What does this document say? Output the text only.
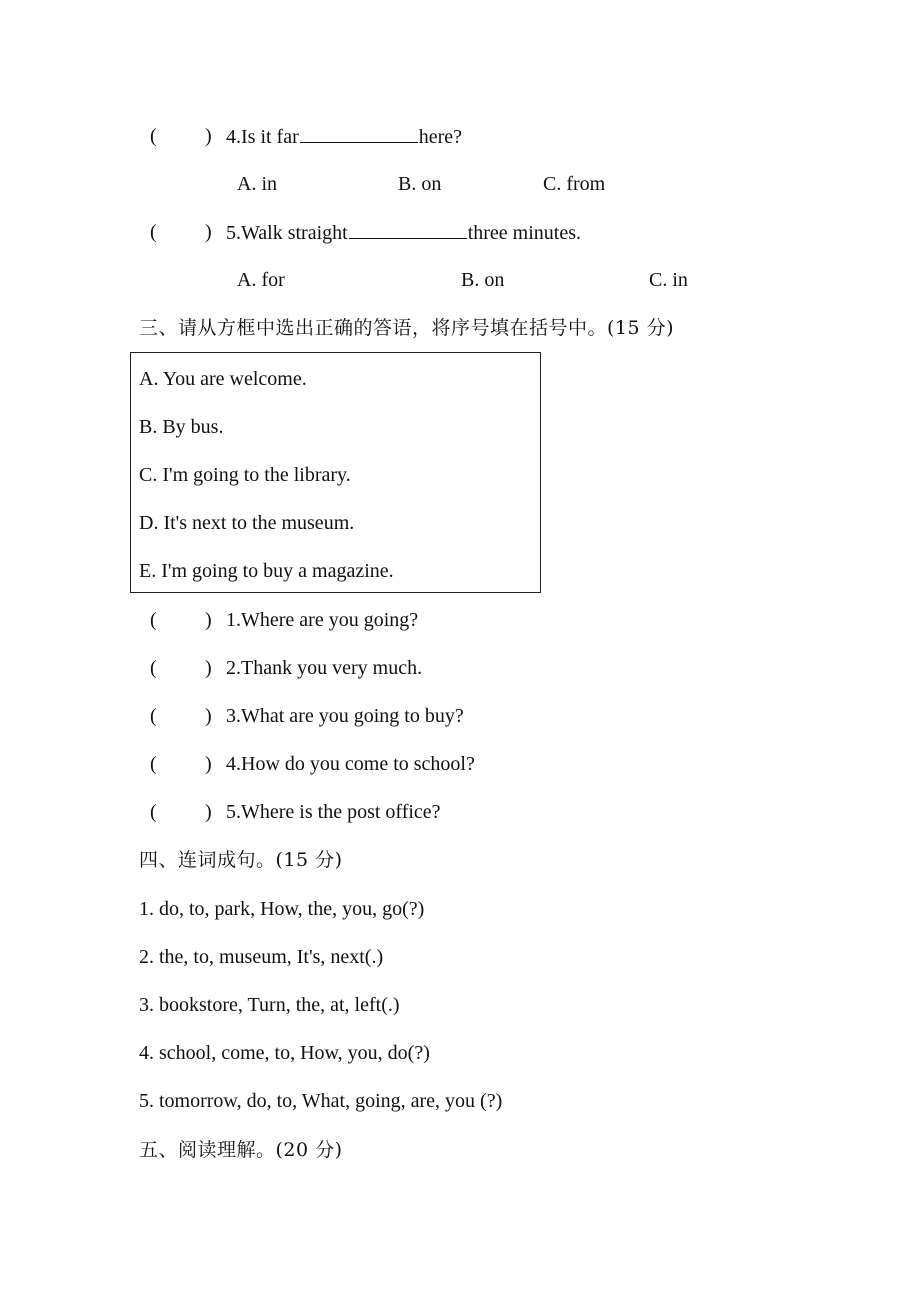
( ) 4.Is it far	here?
A. in	B. on	C. from
( ) 5.Walk straight	three minutes.
A. for	B. on	C. in
三、请从方框中选出正确的答语，将序号填在括号中。(15 分)
A. You are welcome.
B. By bus.
C. I'm going to the library.
D. It's next to the museum.
E. I'm going to buy a magazine.
( ) 1.Where are you going?
( ) 2.Thank you very much.
( ) 3.What are you going to buy?
( ) 4.How do you come to school?
( ) 5.Where is the post office?
四、连词成句。(15 分)
1. do, to, park, How, the, you, go(?)
2. the, to, museum, It's, next(.)
3. bookstore, Turn, the, at, left(.)
4. school, come, to, How, you, do(?)
5. tomorrow, do, to, What, going, are, you (?)
五、阅读理解。(20 分)
